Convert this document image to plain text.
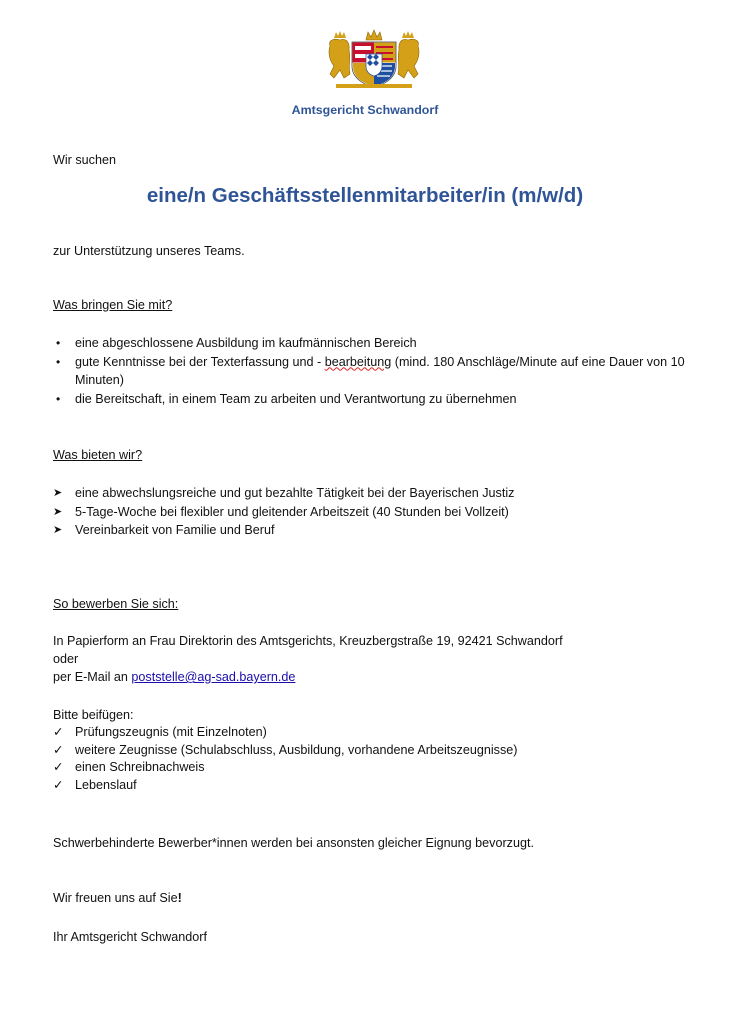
Amtsgericht Schwandorf
Wir suchen
eine/n Geschäftsstellenmitarbeiter/in (m/w/d)
zur Unterstützung unseres Teams.
Was bringen Sie mit?
• eine abgeschlossene Ausbildung im kaufmännischen Bereich
• gute Kenntnisse bei der Texterfassung und - bearbeitung (mind. 180 Anschläge/Minute auf eine Dauer von 10 Minuten)
• die Bereitschaft, in einem Team zu arbeiten und Verantwortung zu übernehmen
Was bieten wir?
➤ eine abwechslungsreiche und gut bezahlte Tätigkeit bei der Bayerischen Justiz
➤ 5-Tage-Woche bei flexibler und gleitender Arbeitszeit (40 Stunden bei Vollzeit)
➤ Vereinbarkeit von Familie und Beruf
So bewerben Sie sich:
In Papierform an Frau Direktorin des Amtsgerichts, Kreuzbergstraße 19, 92421 Schwandorf
oder
per E-Mail an poststelle@ag-sad.bayern.de
Bitte beifügen:
✓ Prüfungszeugnis (mit Einzelnoten)
✓ weitere Zeugnisse (Schulabschluss, Ausbildung, vorhandene Arbeitszeugnisse)
✓ einen Schreibnachweis
✓ Lebenslauf
Schwerbehinderte Bewerber*innen werden bei ansonsten gleicher Eignung bevorzugt.
Wir freuen uns auf Sie!
Ihr Amtsgericht Schwandorf
